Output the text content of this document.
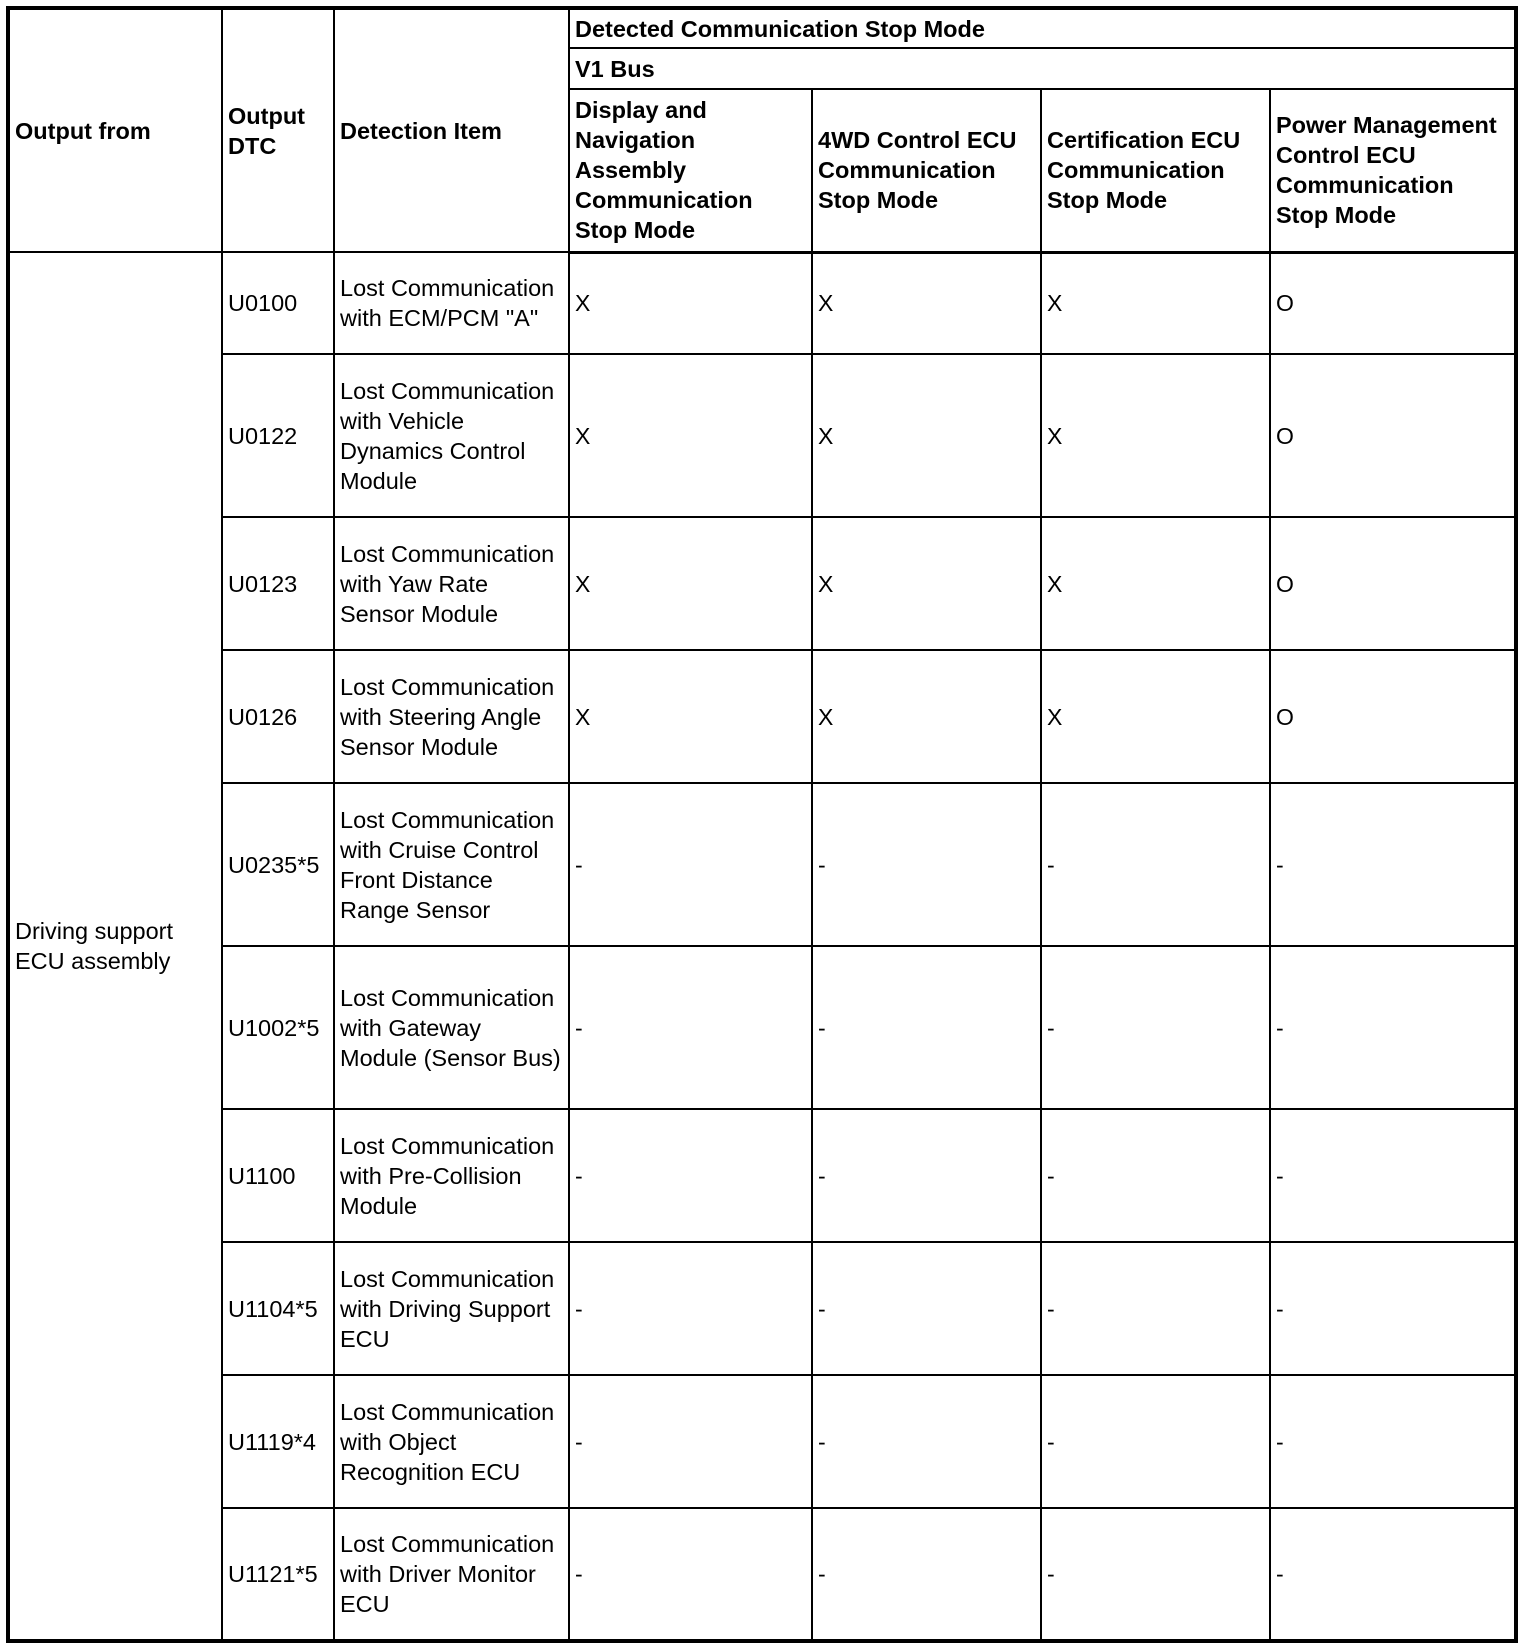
Output from	Output DTC	Detection Item	Detected Communication Stop Mode			
			V1 Bus			
			Display and Navigation Assembly Communication Stop Mode	4WD Control ECU Communication Stop Mode	Certification ECU Communication Stop Mode	Power Management Control ECU Communication Stop Mode
Driving support ECU assembly	U0100	Lost Communication with ECM/PCM "A"	X	X	X	O
	U0122	Lost Communication with Vehicle Dynamics Control Module	X	X	X	O
	U0123	Lost Communication with Yaw Rate Sensor Module	X	X	X	O
	U0126	Lost Communication with Steering Angle Sensor Module	X	X	X	O
	U0235*5	Lost Communication with Cruise Control Front Distance Range Sensor	-	-	-	-
	U1002*5	Lost Communication with Gateway Module (Sensor Bus)	-	-	-	-
	U1100	Lost Communication with Pre-Collision Module	-	-	-	-
	U1104*5	Lost Communication with Driving Support ECU	-	-	-	-
	U1119*4	Lost Communication with Object Recognition ECU	-	-	-	-
	U1121*5	Lost Communication with Driver Monitor ECU	-	-	-	-
